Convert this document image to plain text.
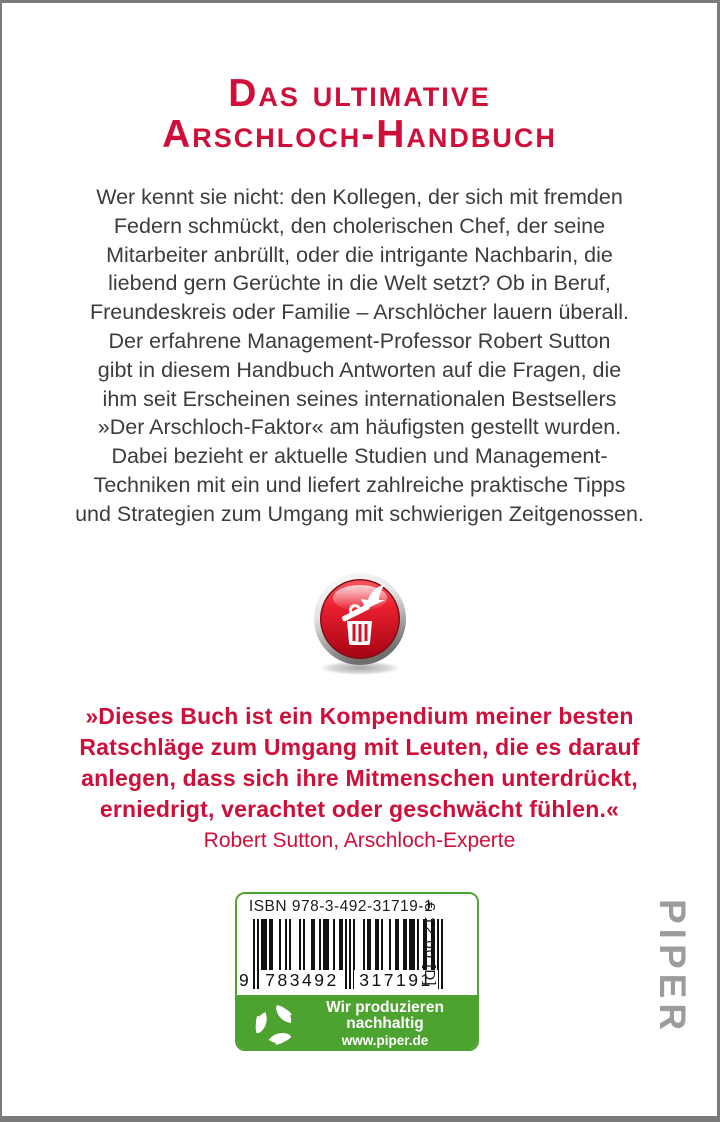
Das ultimative
Arschloch-Handbuch
Wer kennt sie nicht: den Kollegen, der sich mit fremden
Federn schmückt, den cholerischen Chef, der seine
Mitarbeiter anbrüllt, oder die intrigante Nachbarin, die
liebend gern Gerüchte in die Welt setzt? Ob in Beruf,
Freundeskreis oder Familie – Arschlöcher lauern überall.
Der erfahrene Management-Professor Robert Sutton
gibt in diesem Handbuch Antworten auf die Fragen, die
ihm seit Erscheinen seines internationalen Bestsellers
»Der Arschloch-Faktor« am häufigsten gestellt wurden.
Dabei bezieht er aktuelle Studien und Management-
Techniken mit ein und liefert zahlreiche praktische Tipps
und Strategien zum Umgang mit schwierigen Zeitgenossen.
»Dieses Buch ist ein Kompendium meiner besten
Ratschläge zum Umgang mit Leuten, die es darauf
anlegen, dass sich ihre Mitmenschen unterdrückt,
erniedrigt, verachtet oder geschwächt fühlen.«
Robert Sutton, Arschloch-Experte
ISBN 978-3-492-31719-1
9 783492	317191
€ 12,00 [D]
Wir produzieren
nachhaltig
www.piper.de
PIPER
